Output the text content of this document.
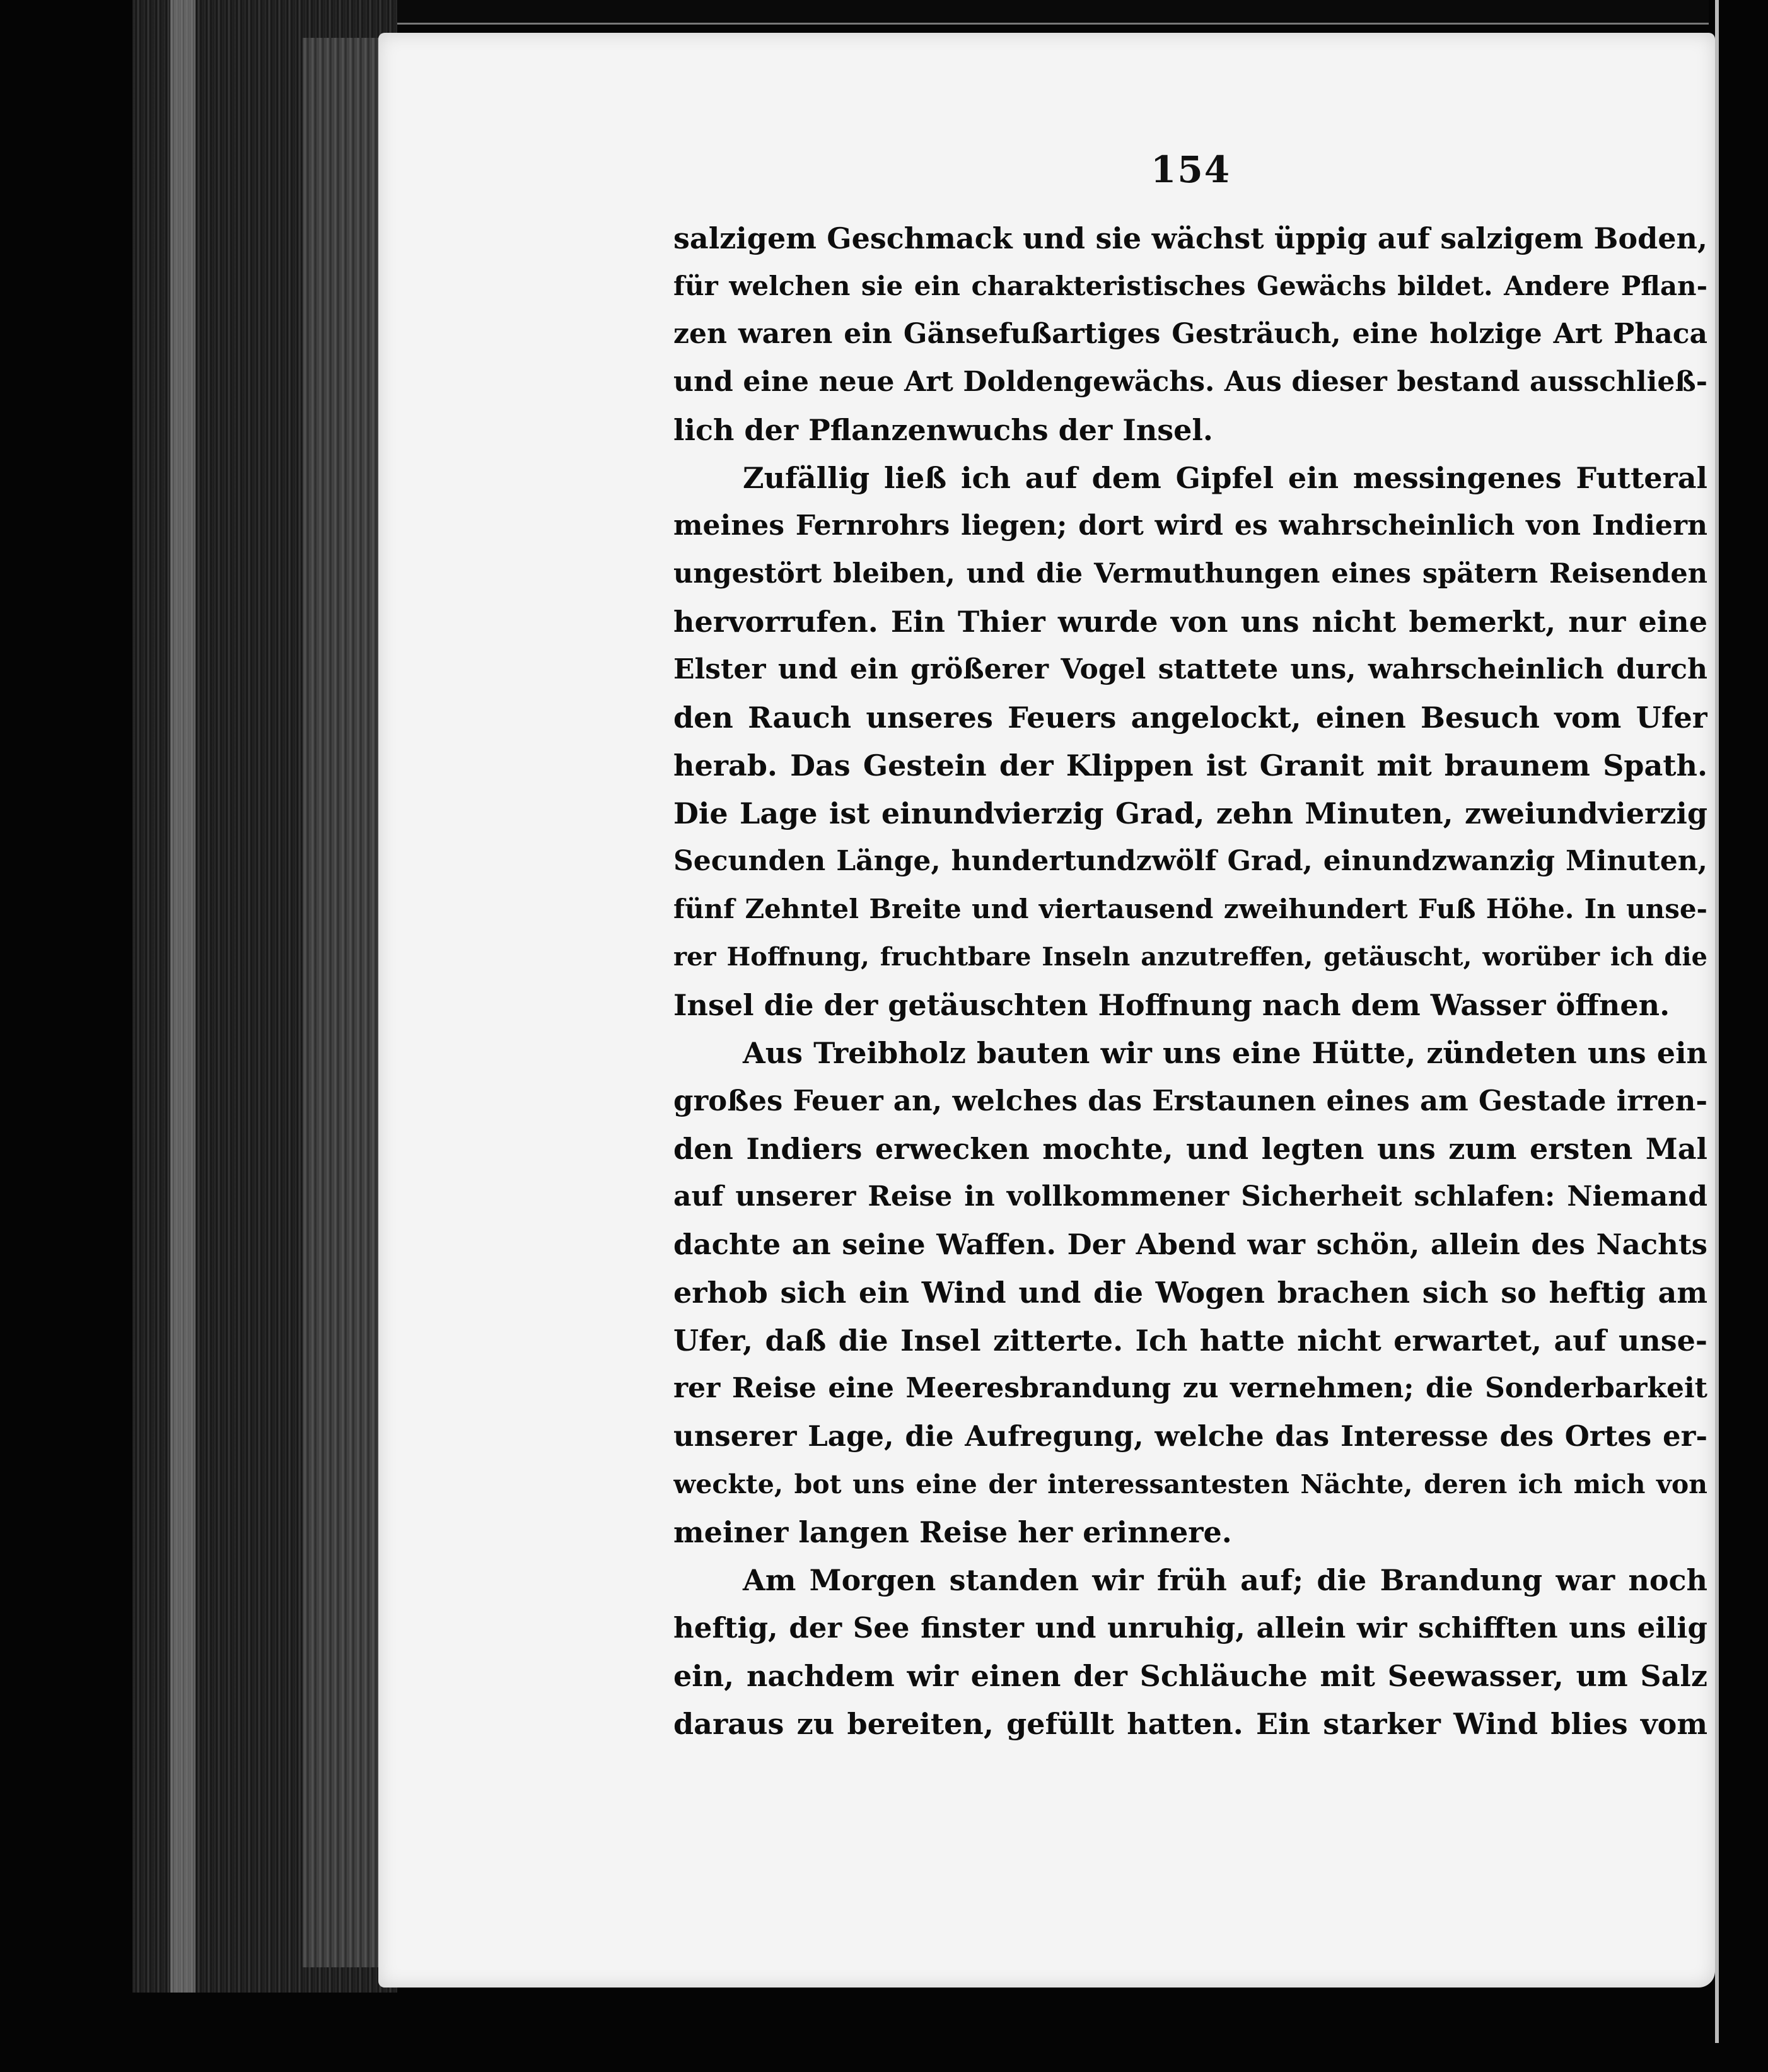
154
salzigem Geschmack und sie wächst üppig auf salzigem Boden,
für welchen sie ein charakteristisches Gewächs bildet. Andere Pflan-
zen waren ein Gänsefußartiges Gesträuch, eine holzige Art Phaca
und eine neue Art Doldengewächs. Aus dieser bestand ausschließ-
lich der Pflanzenwuchs der Insel.
Zufällig ließ ich auf dem Gipfel ein messingenes Futteral
meines Fernrohrs liegen; dort wird es wahrscheinlich von Indiern
ungestört bleiben, und die Vermuthungen eines spätern Reisenden
hervorrufen. Ein Thier wurde von uns nicht bemerkt, nur eine
Elster und ein größerer Vogel stattete uns, wahrscheinlich durch
den Rauch unseres Feuers angelockt, einen Besuch vom Ufer
herab. Das Gestein der Klippen ist Granit mit braunem Spath.
Die Lage ist einundvierzig Grad, zehn Minuten, zweiundvierzig
Secunden Länge, hundertundzwölf Grad, einundzwanzig Minuten,
fünf Zehntel Breite und viertausend zweihundert Fuß Höhe. In unse-
rer Hoffnung, fruchtbare Inseln anzutreffen, getäuscht, worüber ich die
Insel die der getäuschten Hoffnung nach dem Wasser öffnen.
Aus Treibholz bauten wir uns eine Hütte, zündeten uns ein
großes Feuer an, welches das Erstaunen eines am Gestade irren-
den Indiers erwecken mochte, und legten uns zum ersten Mal
auf unserer Reise in vollkommener Sicherheit schlafen: Niemand
dachte an seine Waffen. Der Abend war schön, allein des Nachts
erhob sich ein Wind und die Wogen brachen sich so heftig am
Ufer, daß die Insel zitterte. Ich hatte nicht erwartet, auf unse-
rer Reise eine Meeresbrandung zu vernehmen; die Sonderbarkeit
unserer Lage, die Aufregung, welche das Interesse des Ortes er-
weckte, bot uns eine der interessantesten Nächte, deren ich mich von
meiner langen Reise her erinnere.
Am Morgen standen wir früh auf; die Brandung war noch
heftig, der See finster und unruhig, allein wir schifften uns eilig
ein, nachdem wir einen der Schläuche mit Seewasser, um Salz
daraus zu bereiten, gefüllt hatten. Ein starker Wind blies vom
